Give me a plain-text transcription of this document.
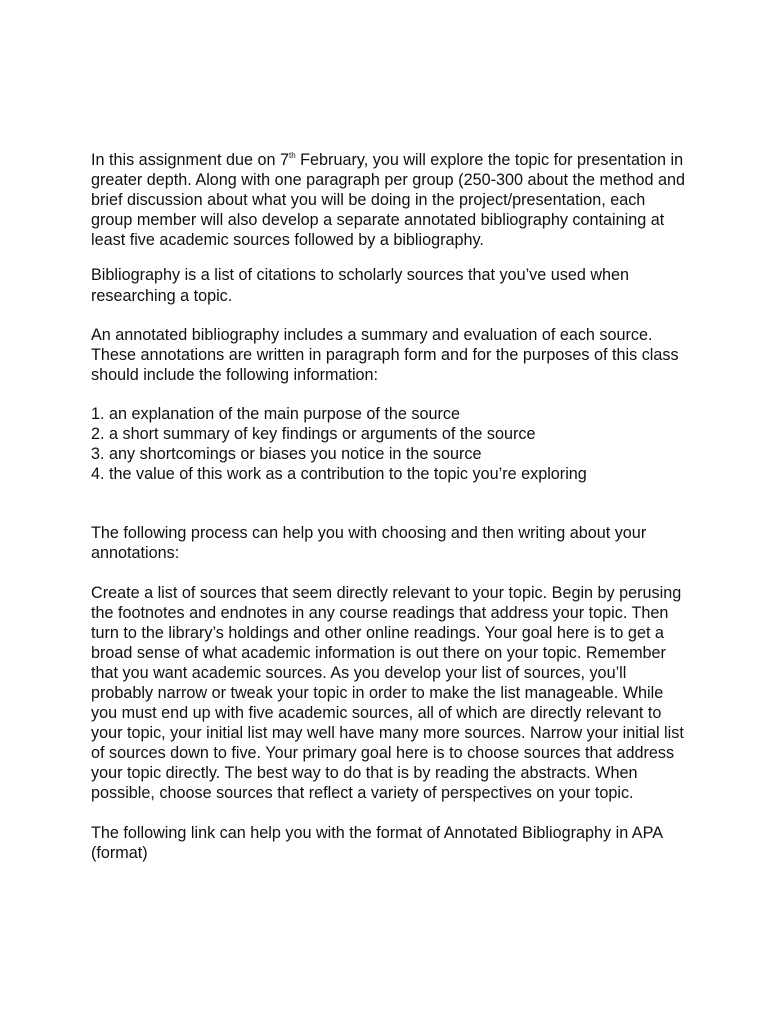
In this assignment due on 7th February, you will explore the topic for presentation in greater depth. Along with one paragraph per group (250-300 about the method and brief discussion about what you will be doing in the project/presentation, each group member will also develop a separate annotated bibliography containing at least five academic sources followed by a bibliography.

Bibliography is a list of citations to scholarly sources that you’ve used when researching a topic.

An annotated bibliography includes a summary and evaluation of each source. These annotations are written in paragraph form and for the purposes of this class should include the following information:

1. an explanation of the main purpose of the source

2. a short summary of key findings or arguments of the source

3. any shortcomings or biases you notice in the source

4. the value of this work as a contribution to the topic you’re exploring

The following process can help you with choosing and then writing about your annotations:

Create a list of sources that seem directly relevant to your topic. Begin by perusing the footnotes and endnotes in any course readings that address your topic. Then turn to the library’s holdings and other online readings. Your goal here is to get a broad sense of what academic information is out there on your topic. Remember that you want academic sources. As you develop your list of sources, you’ll probably narrow or tweak your topic in order to make the list manageable. While you must end up with five academic sources, all of which are directly relevant to your topic, your initial list may well have many more sources. Narrow your initial list of sources down to five. Your primary goal here is to choose sources that address your topic directly. The best way to do that is by reading the abstracts. When possible, choose sources that reflect a variety of perspectives on your topic.

The following link can help you with the format of Annotated Bibliography in APA (format)
